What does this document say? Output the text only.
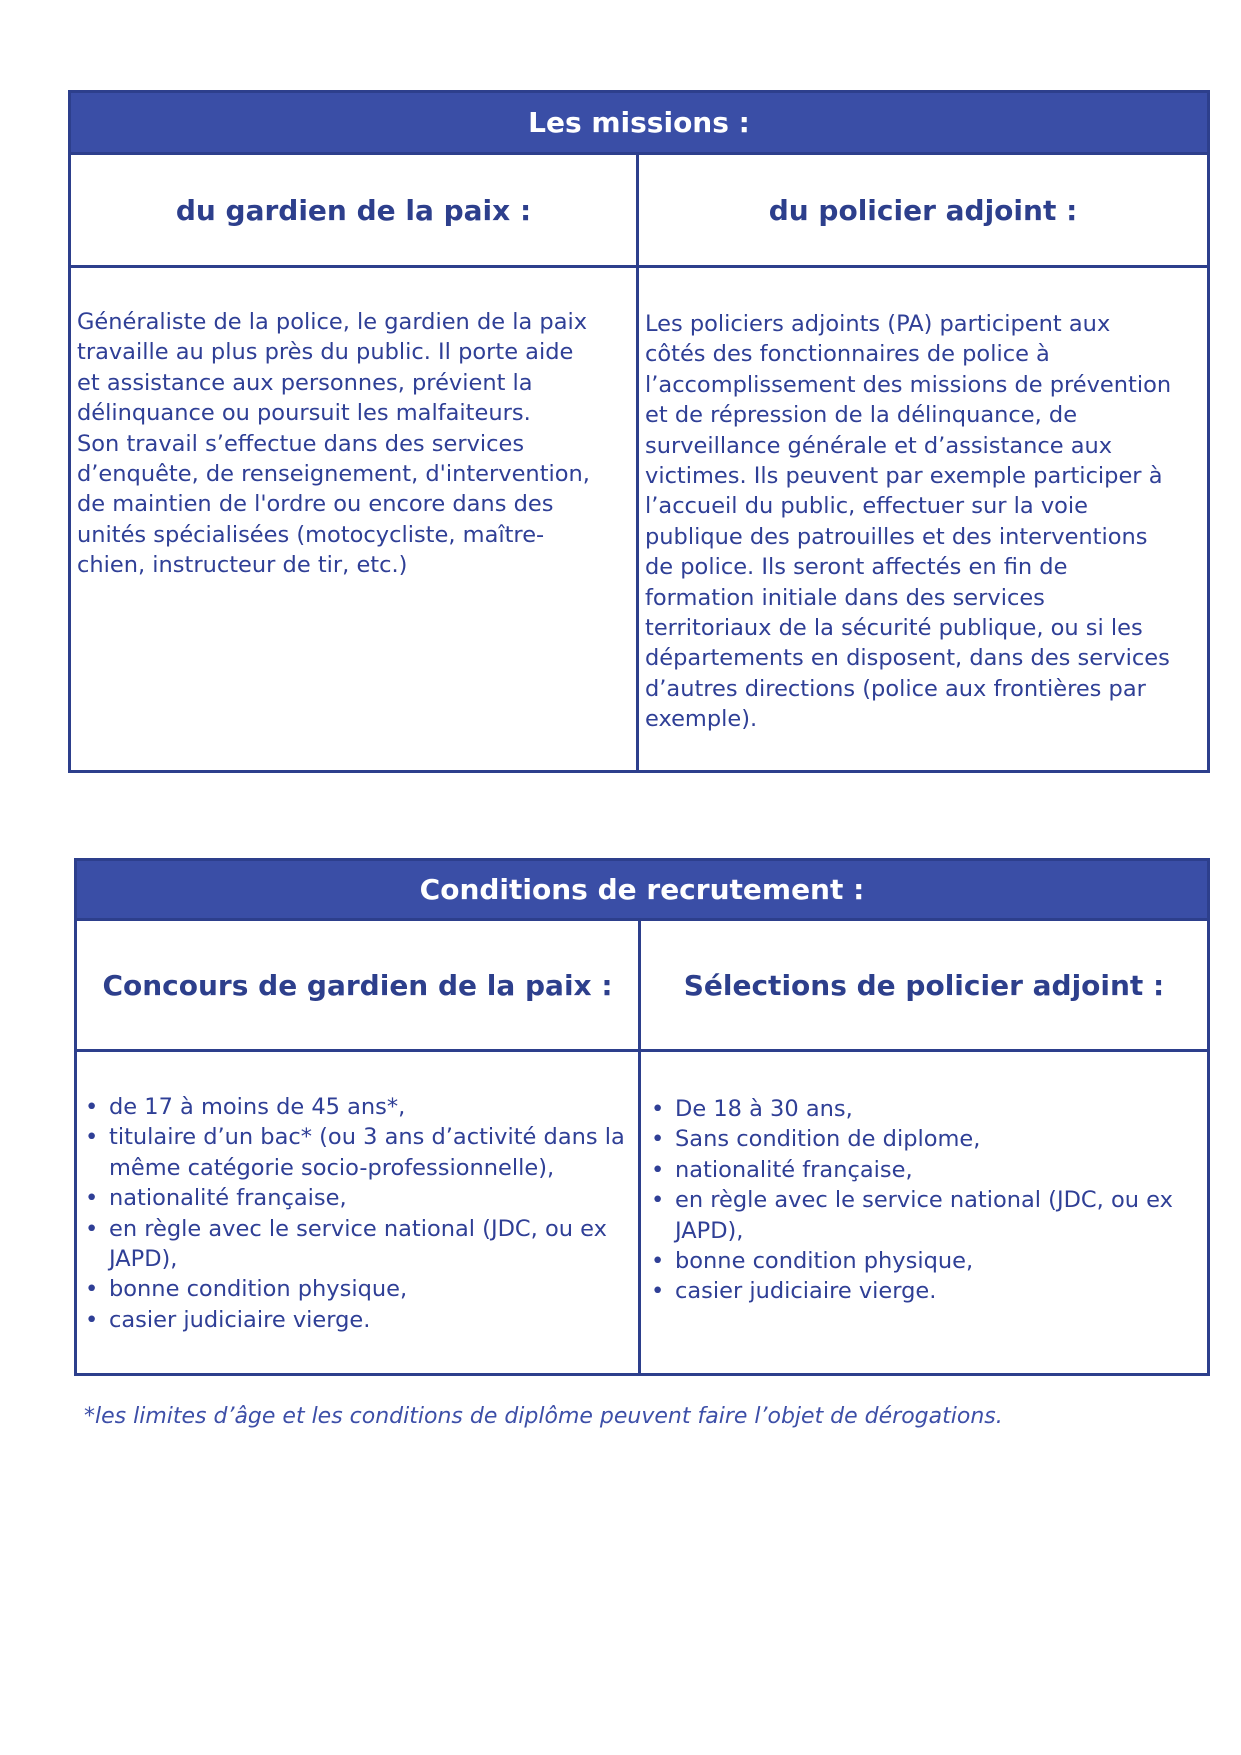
Les missions :
du gardien de la paix :	du policier adjoint :
Généraliste de la police, le gardien de la paix
travaille au plus près du public. Il porte aide
et assistance aux personnes, prévient la
délinquance ou poursuit les malfaiteurs.
Son travail s’effectue dans des services
d’enquête, de renseignement, d'intervention,
de maintien de l'ordre ou encore dans des
unités spécialisées (motocycliste, maître-
chien, instructeur de tir, etc.)
Les policiers adjoints (PA) participent aux
côtés des fonctionnaires de police à
l’accomplissement des missions de prévention
et de répression de la délinquance, de
surveillance générale et d’assistance aux
victimes. Ils peuvent par exemple participer à
l’accueil du public, effectuer sur la voie
publique des patrouilles et des interventions
de police. Ils seront affectés en fin de
formation initiale dans des services
territoriaux de la sécurité publique, ou si les
départements en disposent, dans des services
d’autres directions (police aux frontières par
exemple).
Conditions de recrutement :
Concours de gardien de la paix :	Sélections de policier adjoint :
• de 17 à moins de 45 ans*,
• titulaire d’un bac* (ou 3 ans d’activité dans la même catégorie socio-professionnelle),
• nationalité française,
• en règle avec le service national (JDC, ou ex JAPD),
• bonne condition physique,
• casier judiciaire vierge.
• De 18 à 30 ans,
• Sans condition de diplome,
• nationalité française,
• en règle avec le service national (JDC, ou ex JAPD),
• bonne condition physique,
• casier judiciaire vierge.
*les limites d’âge et les conditions de diplôme peuvent faire l’objet de dérogations.
